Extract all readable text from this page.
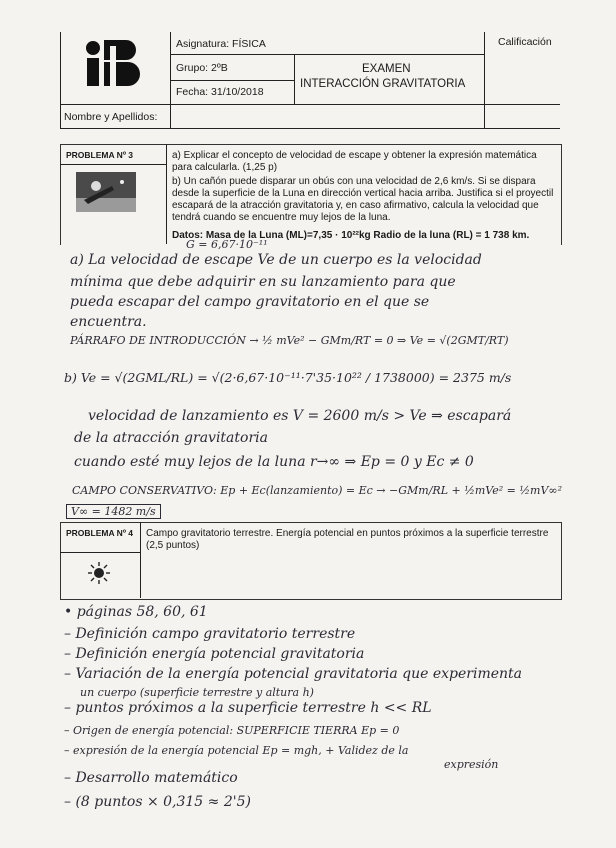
Asignatura: FÍSICA
Grupo: 2ºB
Fecha: 31/10/2018
EXAMEN
INTERACCIÓN GRAVITATORIA
Calificación
Nombre y Apellidos:
PROBLEMA Nº 3	a) Explicar el concepto de velocidad de escape y obtener la expresión matemática para calcularla. (1,25 p)
b) Un cañón puede disparar un obús con una velocidad de 2,6 km/s. Si se dispara desde la superficie de la Luna en dirección vertical hacia arriba. Justifica si el proyectil escapará de la atracción gravitatoria y, en caso afirmativo, calcula la velocidad que tendrá cuando se encuentre muy lejos de la luna.
Datos: Masa de la Luna (ML)=7,35 · 10²²kg Radio de la luna (RL) = 1 738 km.
G = 6,67·10⁻¹¹
a) La velocidad de escape Ve de un cuerpo es la velocidad
mínima que debe adquirir en su lanzamiento para que
pueda escapar del campo gravitatorio en el que se
encuentra.
PÁRRAFO DE INTRODUCCIÓN → ½ mVe² − GMm/RT = 0 ⇒ Ve = √(2GMT/RT)
b) Ve = √(2GML/RL) = √(2·6,67·10⁻¹¹·7'35·10²² / 1738000) = 2375 m/s
velocidad de lanzamiento es V = 2600 m/s > Ve ⇒ escapará
de la atracción gravitatoria
cuando esté muy lejos de la luna r→∞ ⇒ Ep = 0 y Ec ≠ 0
CAMPO CONSERVATIVO: Ep + Ec(lanzamiento) = Ec → −GMm/RL + ½mVe² = ½mV∞²
V∞ = 1482 m/s
PROBLEMA Nº 4 Campo gravitatorio terrestre. Energía potencial en puntos próximos a la superficie terrestre (2,5 puntos)
• páginas 58, 60, 61
– Definición campo gravitatorio terrestre
– Definición energía potencial gravitatoria
– Variación de la energía potencial gravitatoria que experimenta
un cuerpo (superficie terrestre y altura h)
– puntos próximos a la superficie terrestre h << RL
– Origen de energía potencial: SUPERFICIE TIERRA Ep = 0
– expresión de la energía potencial Ep = mgh, + Validez de la
expresión
– Desarrollo matemático
– (8 puntos × 0,315 ≈ 2'5)
